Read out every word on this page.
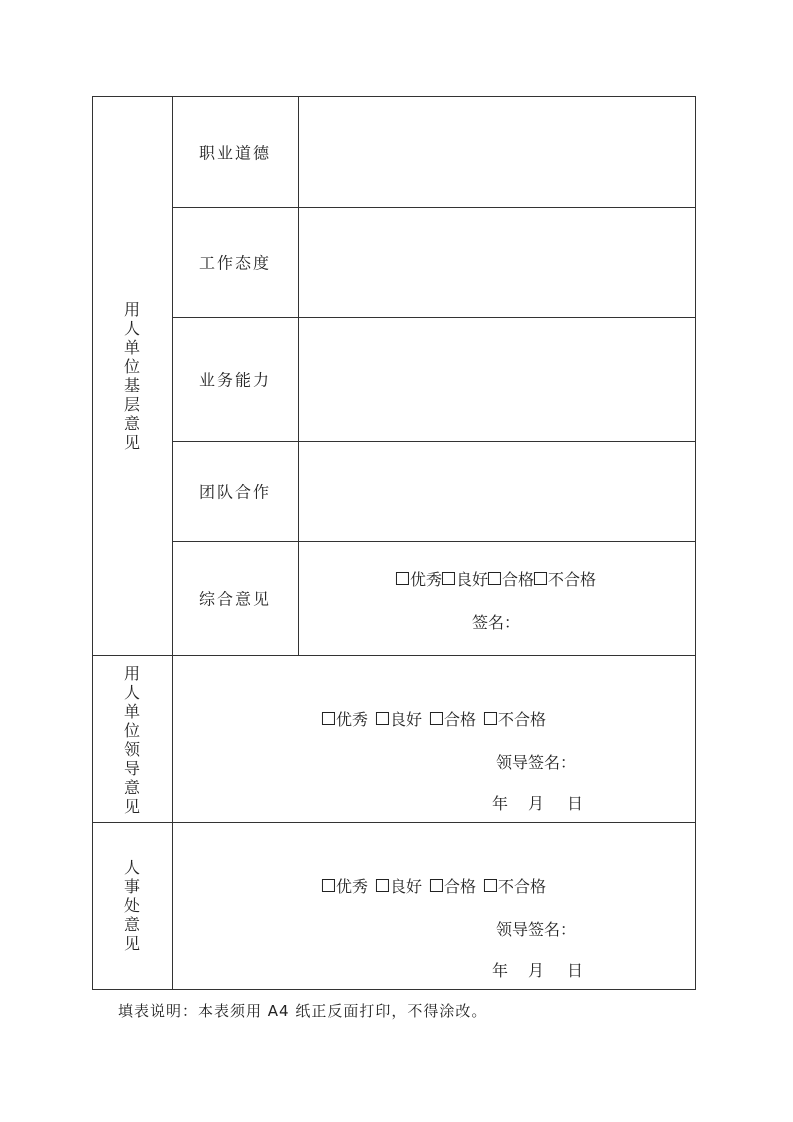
用人单位基层意见
职业道德
工作态度
业务能力
团队合作
综合意见
优秀 良好 合格 不合格
签名：
用人单位领导意见
优秀 良好 合格 不合格
领导签名：
年 月 日
人事处意见
优秀 良好 合格 不合格
领导签名：
年 月 日
填表说明：本表须用 A4 纸正反面打印，不得涂改。
